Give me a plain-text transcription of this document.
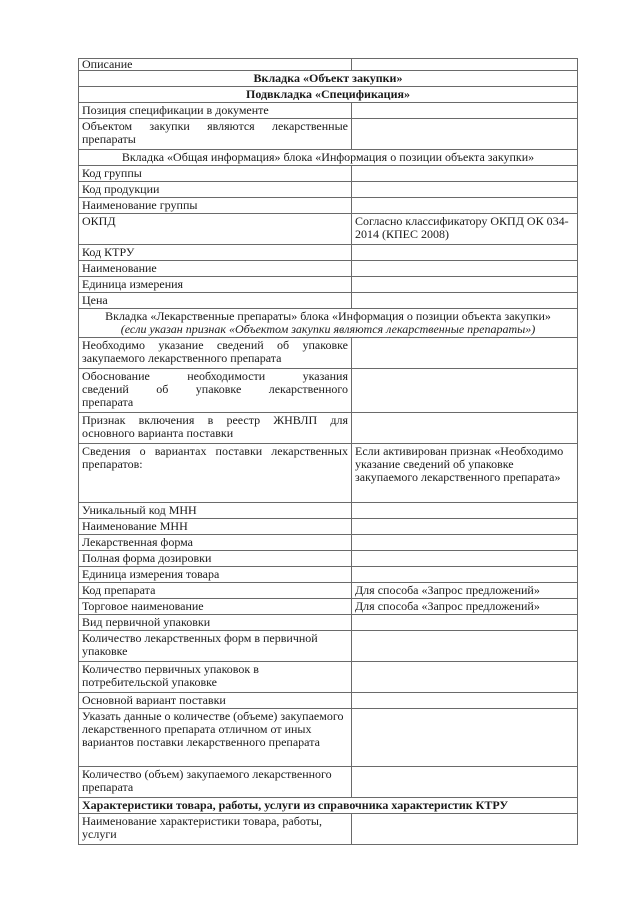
Описание	
Вкладка «Объект закупки»	
Подвкладка «Спецификация»	
Позиция спецификации в документе	

Объектом закупки являются лекарственные
препараты	

Вкладка «Общая информация» блока «Информация о позиции объекта закупки»	
Код группы	
Код продукции	
Наименование группы	
ОКПД	Согласно классификатору ОКПД ОК 034-2014 (КПЕС 2008)
Код КТРУ	
Наименование	
Единица измерения	
Цена	

Вкладка «Лекарственные препараты» блока «Информация о позиции объекта закупки»
(если указан признак «Объектом закупки являются лекарственные препараты»)	

Необходимо указание сведений об упаковке
закупаемого лекарственного препарата	

Обоснование необходимости указания
сведений об упаковке лекарственного
препарата	

Признак включения в реестр ЖНВЛП для
основного варианта поставки	

Сведения о вариантах поставки лекарственных
препаратов:	Если активирован признак «Необходимо указание сведений об упаковке закупаемого лекарственного препарата»
Уникальный код МНН	
Наименование МНН	
Лекарственная форма	
Полная форма дозировки	
Единица измерения товара	
Код препарата	Для способа «Запрос предложений»
Торговое наименование	Для способа «Запрос предложений»
Вид первичной упаковки	
Количество лекарственных форм в первичной упаковке	
Количество первичных упаковок в потребительской упаковке	
Основной вариант поставки	
Указать данные о количестве (объеме) закупаемого лекарственного препарата отличном от иных вариантов поставки лекарственного препарата	
Количество (объем) закупаемого лекарственного препарата	
Характеристики товара, работы, услуги из справочника характеристик КТРУ	
Наименование характеристики товара, работы, услуги	
